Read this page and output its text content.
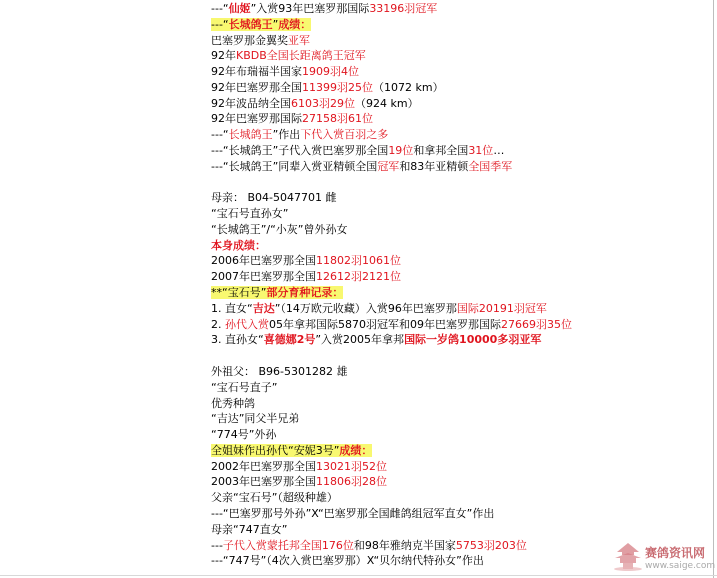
---“仙姬”入赏93年巴塞罗那国际33196羽冠军
---“长城鸽王”成绩：
巴塞罗那金翼奖亚军
92年KBDB全国长距离鸽王冠军
92年布瑞福半国家1909羽4位
92年巴塞罗那全国11399羽25位（1072 km）
92年波品纳全国6103羽29位（924 km）
92年巴塞罗那国际27158羽61位
---“长城鸽王”作出下代入赏百羽之多
---“长城鸽王”子代入赏巴塞罗那全国19位和拿邦全国31位…
---“长城鸽王”同辈入赏亚精顿全国冠军和83年亚精顿全国季军
母亲： B04-5047701 雌
“宝石号直孙女”
“长城鸽王”/“小灰”曾外孙女
本身成绩：
2006年巴塞罗那全国11802羽1061位
2007年巴塞罗那全国12612羽2121位
**“宝石号”部分育种记录：
1. 直女“吉达”（14万欧元收藏）入赏96年巴塞罗那国际20191羽冠军
2. 孙代入赏05年拿邦国际5870羽冠军和09年巴塞罗那国际27669羽35位
3. 直孙女“喜德娜2号”入赏2005年拿邦国际一岁鸽10000多羽亚军
外祖父： B96-5301282 雄
“宝石号直子”
优秀种鸽
“吉达”同父半兄弟
“774号”外孙
全姐妹作出孙代“安妮3号”成绩：
2002年巴塞罗那全国13021羽52位
2003年巴塞罗那全国11806羽28位
父亲“宝石号”（超级种雄）
---“巴塞罗那号外孙”X“巴塞罗那全国雌鸽组冠军直女”作出
母亲“747直女”
---子代入赏蒙托邦全国176位和98年雅纳克半国家5753羽203位
---“747号”（4次入赏巴塞罗那）X“贝尔纳代特孙女”作出
赛鸽资讯网
www.saige.com
